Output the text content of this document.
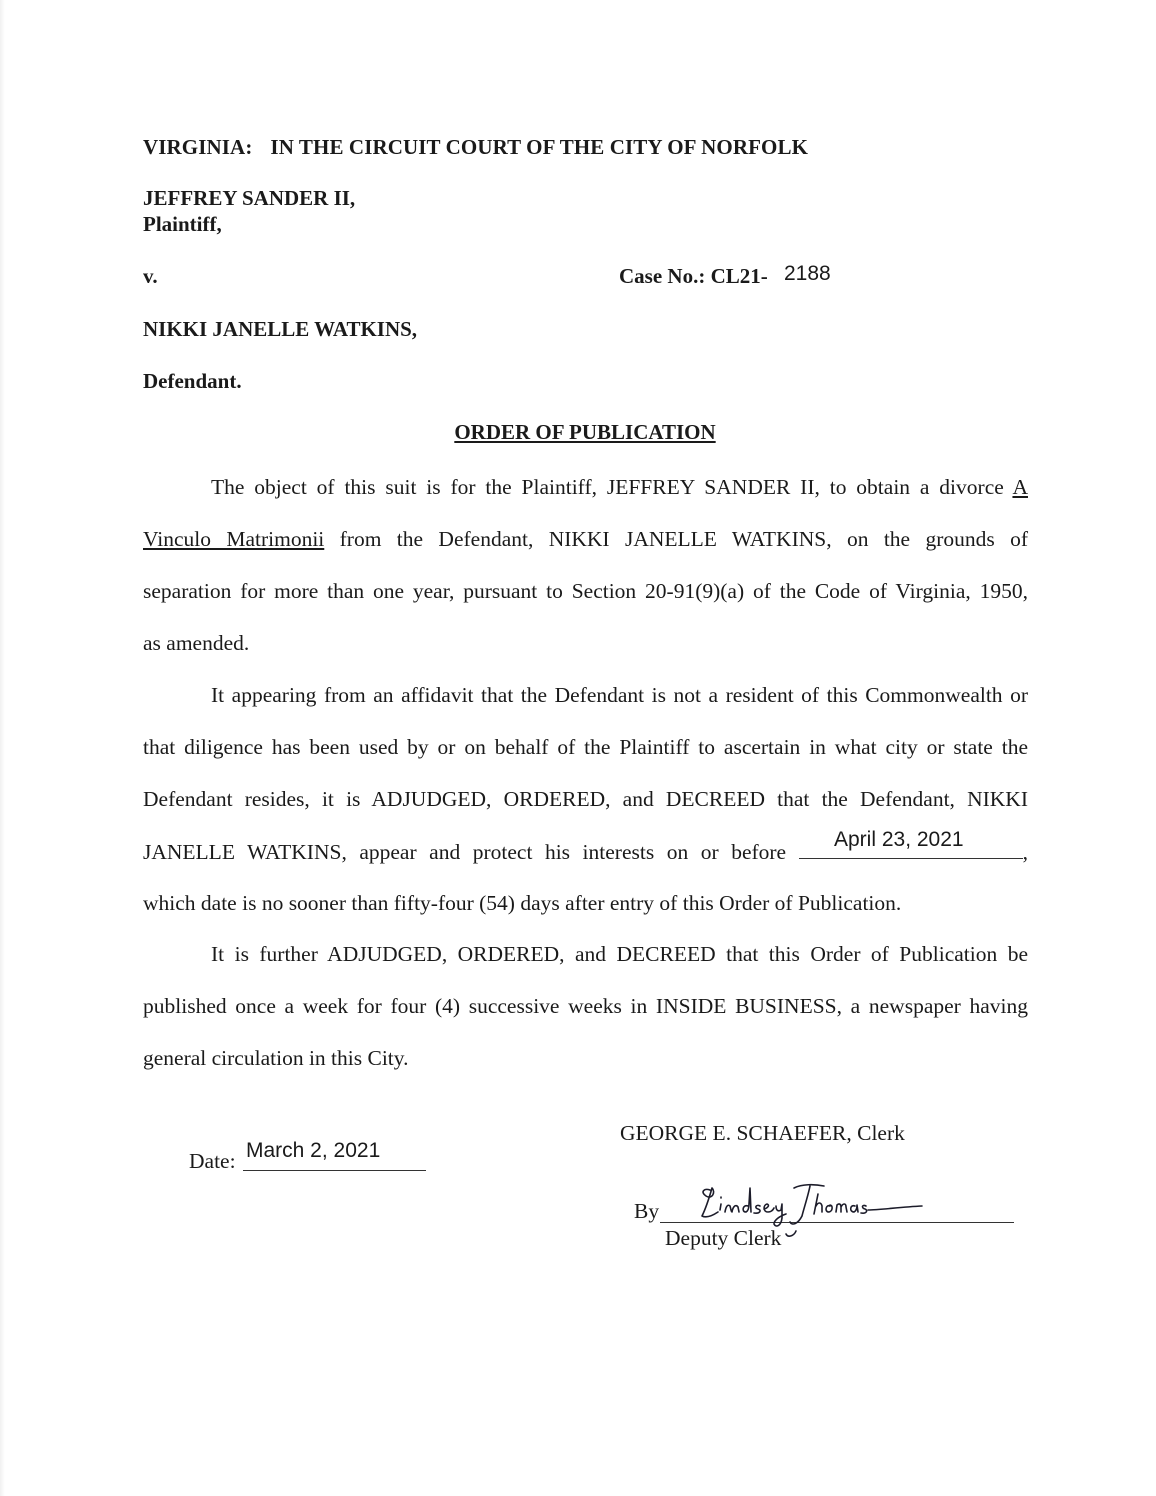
VIRGINIA: IN THE CIRCUIT COURT OF THE CITY OF NORFOLK
JEFFREY SANDER II,
Plaintiff,
v.	Case No.: CL21- 2188
NIKKI JANELLE WATKINS,
Defendant.
ORDER OF PUBLICATION
The object of this suit is for the Plaintiff, JEFFREY SANDER II, to obtain a divorce A
Vinculo Matrimonii from the Defendant, NIKKI JANELLE WATKINS, on the grounds of
separation for more than one year, pursuant to Section 20-91(9)(a) of the Code of Virginia, 1950,
as amended.
It appearing from an affidavit that the Defendant is not a resident of this Commonwealth or
that diligence has been used by or on behalf of the Plaintiff to ascertain in what city or state the
Defendant resides, it is ADJUDGED, ORDERED, and DECREED that the Defendant, NIKKI
JANELLE WATKINS, appear and protect his interests on or before	,
April 23, 2021
which date is no sooner than fifty-four (54) days after entry of this Order of Publication.
It is further ADJUDGED, ORDERED, and DECREED that this Order of Publication be
published once a week for four (4) successive weeks in INSIDE BUSINESS, a newspaper having
general circulation in this City.
Date: March 2, 2021
GEORGE E. SCHAEFER, Clerk
By
Deputy Clerk
